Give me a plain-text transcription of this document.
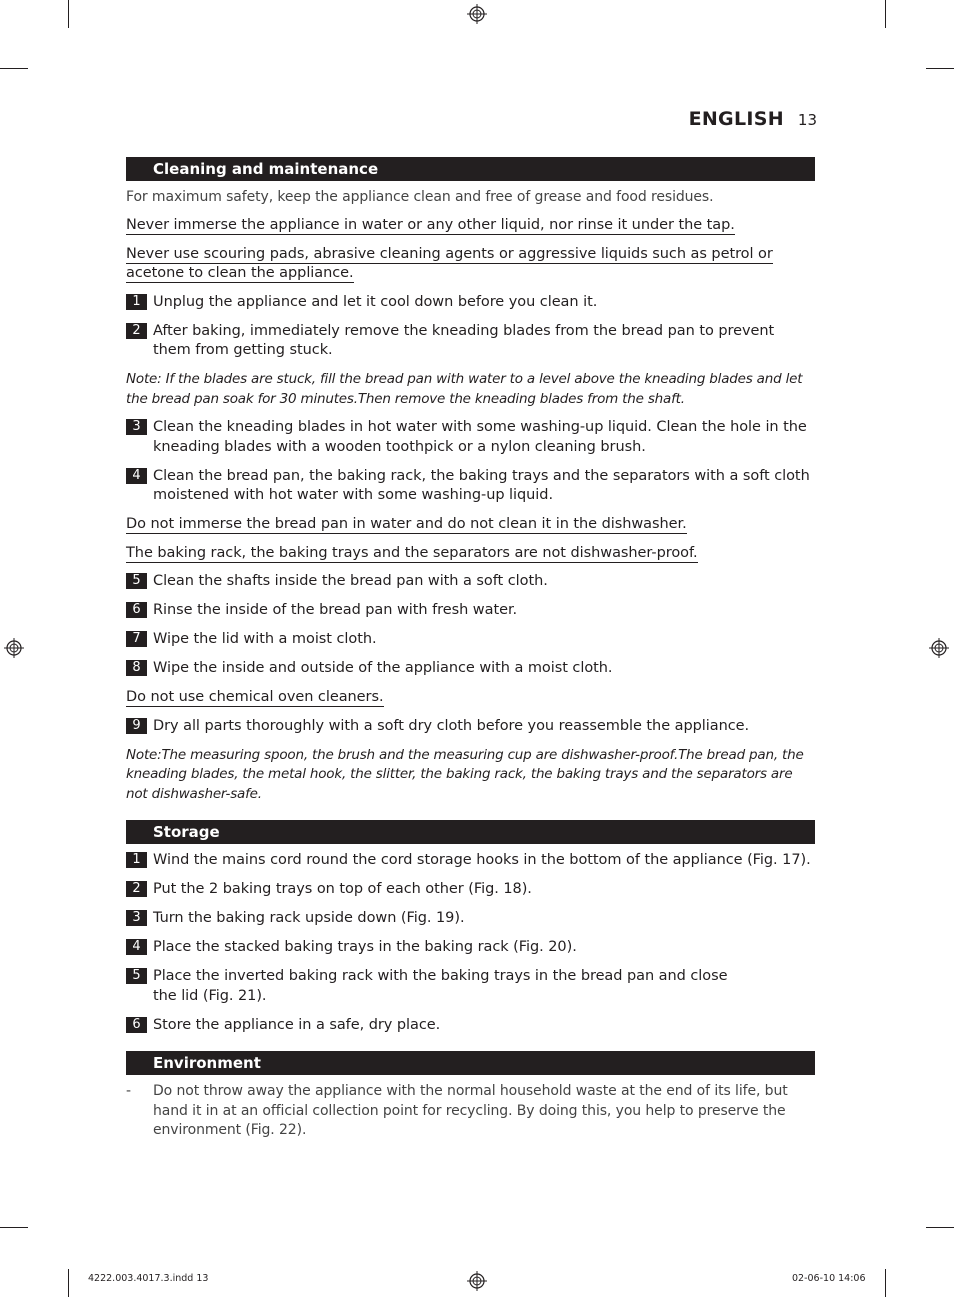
ENGLISH 13
Cleaning and maintenance

For maximum safety, keep the appliance clean and free of grease and food residues.

Never immerse the appliance in water or any other liquid, nor rinse it under the tap.

Never use scouring pads, abrasive cleaning agents or aggressive liquids such as petrol or acetone to clean the appliance.

1 Unplug the appliance and let it cool down before you clean it.
2 After baking, immediately remove the kneading blades from the bread pan to prevent them from getting stuck.

Note: If the blades are stuck, fill the bread pan with water to a level above the kneading blades and let the bread pan soak for 30 minutes.Then remove the kneading blades from the shaft.

3 Clean the kneading blades in hot water with some washing-up liquid. Clean the hole in the kneading blades with a wooden toothpick or a nylon cleaning brush.
4 Clean the bread pan, the baking rack, the baking trays and the separators with a soft cloth moistened with hot water with some washing-up liquid.

Do not immerse the bread pan in water and do not clean it in the dishwasher.

The baking rack, the baking trays and the separators are not dishwasher-proof.

5 Clean the shafts inside the bread pan with a soft cloth.
6 Rinse the inside of the bread pan with fresh water.
7 Wipe the lid with a moist cloth.
8 Wipe the inside and outside of the appliance with a moist cloth.

Do not use chemical oven cleaners.

9 Dry all parts thoroughly with a soft dry cloth before you reassemble the appliance.

Note:The measuring spoon, the brush and the measuring cup are dishwasher-proof.The bread pan, the kneading blades, the metal hook, the slitter, the baking rack, the baking trays and the separators are not dishwasher-safe.

Storage
1 Wind the mains cord round the cord storage hooks in the bottom of the appliance (Fig. 17).
2 Put the 2 baking trays on top of each other (Fig. 18).
3 Turn the baking rack upside down (Fig. 19).
4 Place the stacked baking trays in the baking rack (Fig. 20).
5 Place the inverted baking rack with the baking trays in the bread pan and close the lid (Fig. 21).
6 Store the appliance in a safe, dry place.
Environment
- Do not throw away the appliance with the normal household waste at the end of its life, but hand it in at an official collection point for recycling. By doing this, you help to preserve the environment (Fig. 22).
4222.003.4017.3.indd 13	02-06-10 14:06
